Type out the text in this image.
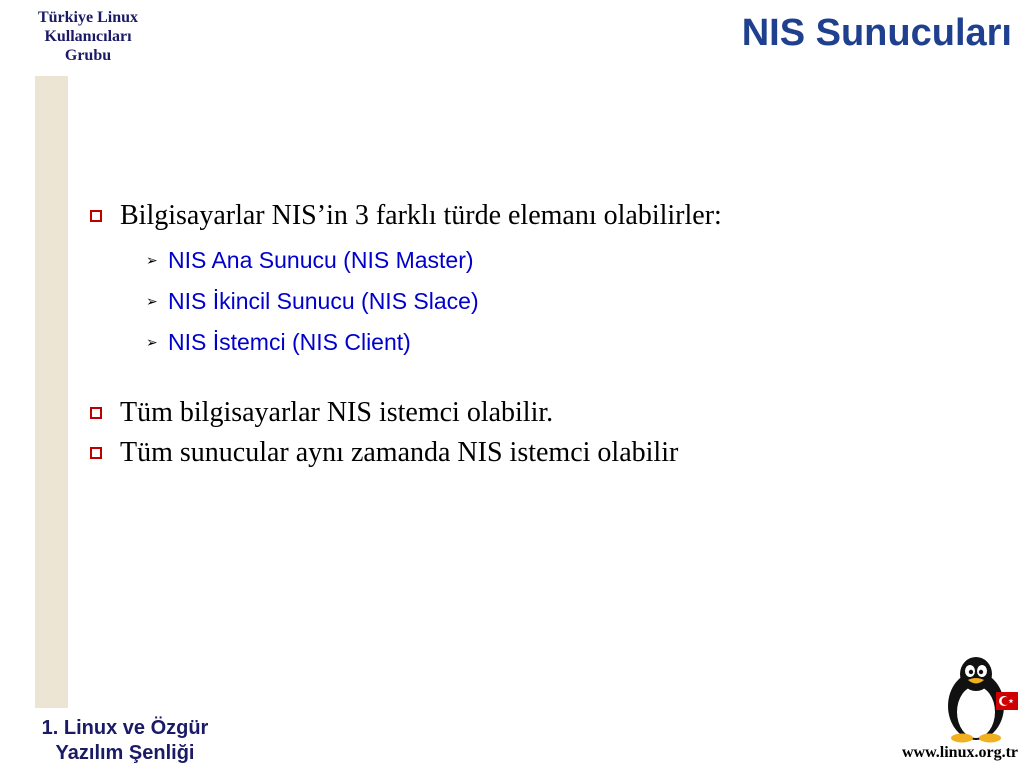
Türkiye Linux
Kullanıcıları
Grubu
NIS Sunucuları
Bilgisayarlar NIS’in 3 farklı türde elemanı olabilirler:
➢ NIS Ana Sunucu (NIS Master)
➢ NIS İkincil Sunucu (NIS Slace)
➢ NIS İstemci (NIS Client)
Tüm bilgisayarlar NIS istemci olabilir.
Tüm sunucular aynı zamanda NIS istemci olabilir
1. Linux ve Özgür
Yazılım Şenliği	www.linux.org.tr
